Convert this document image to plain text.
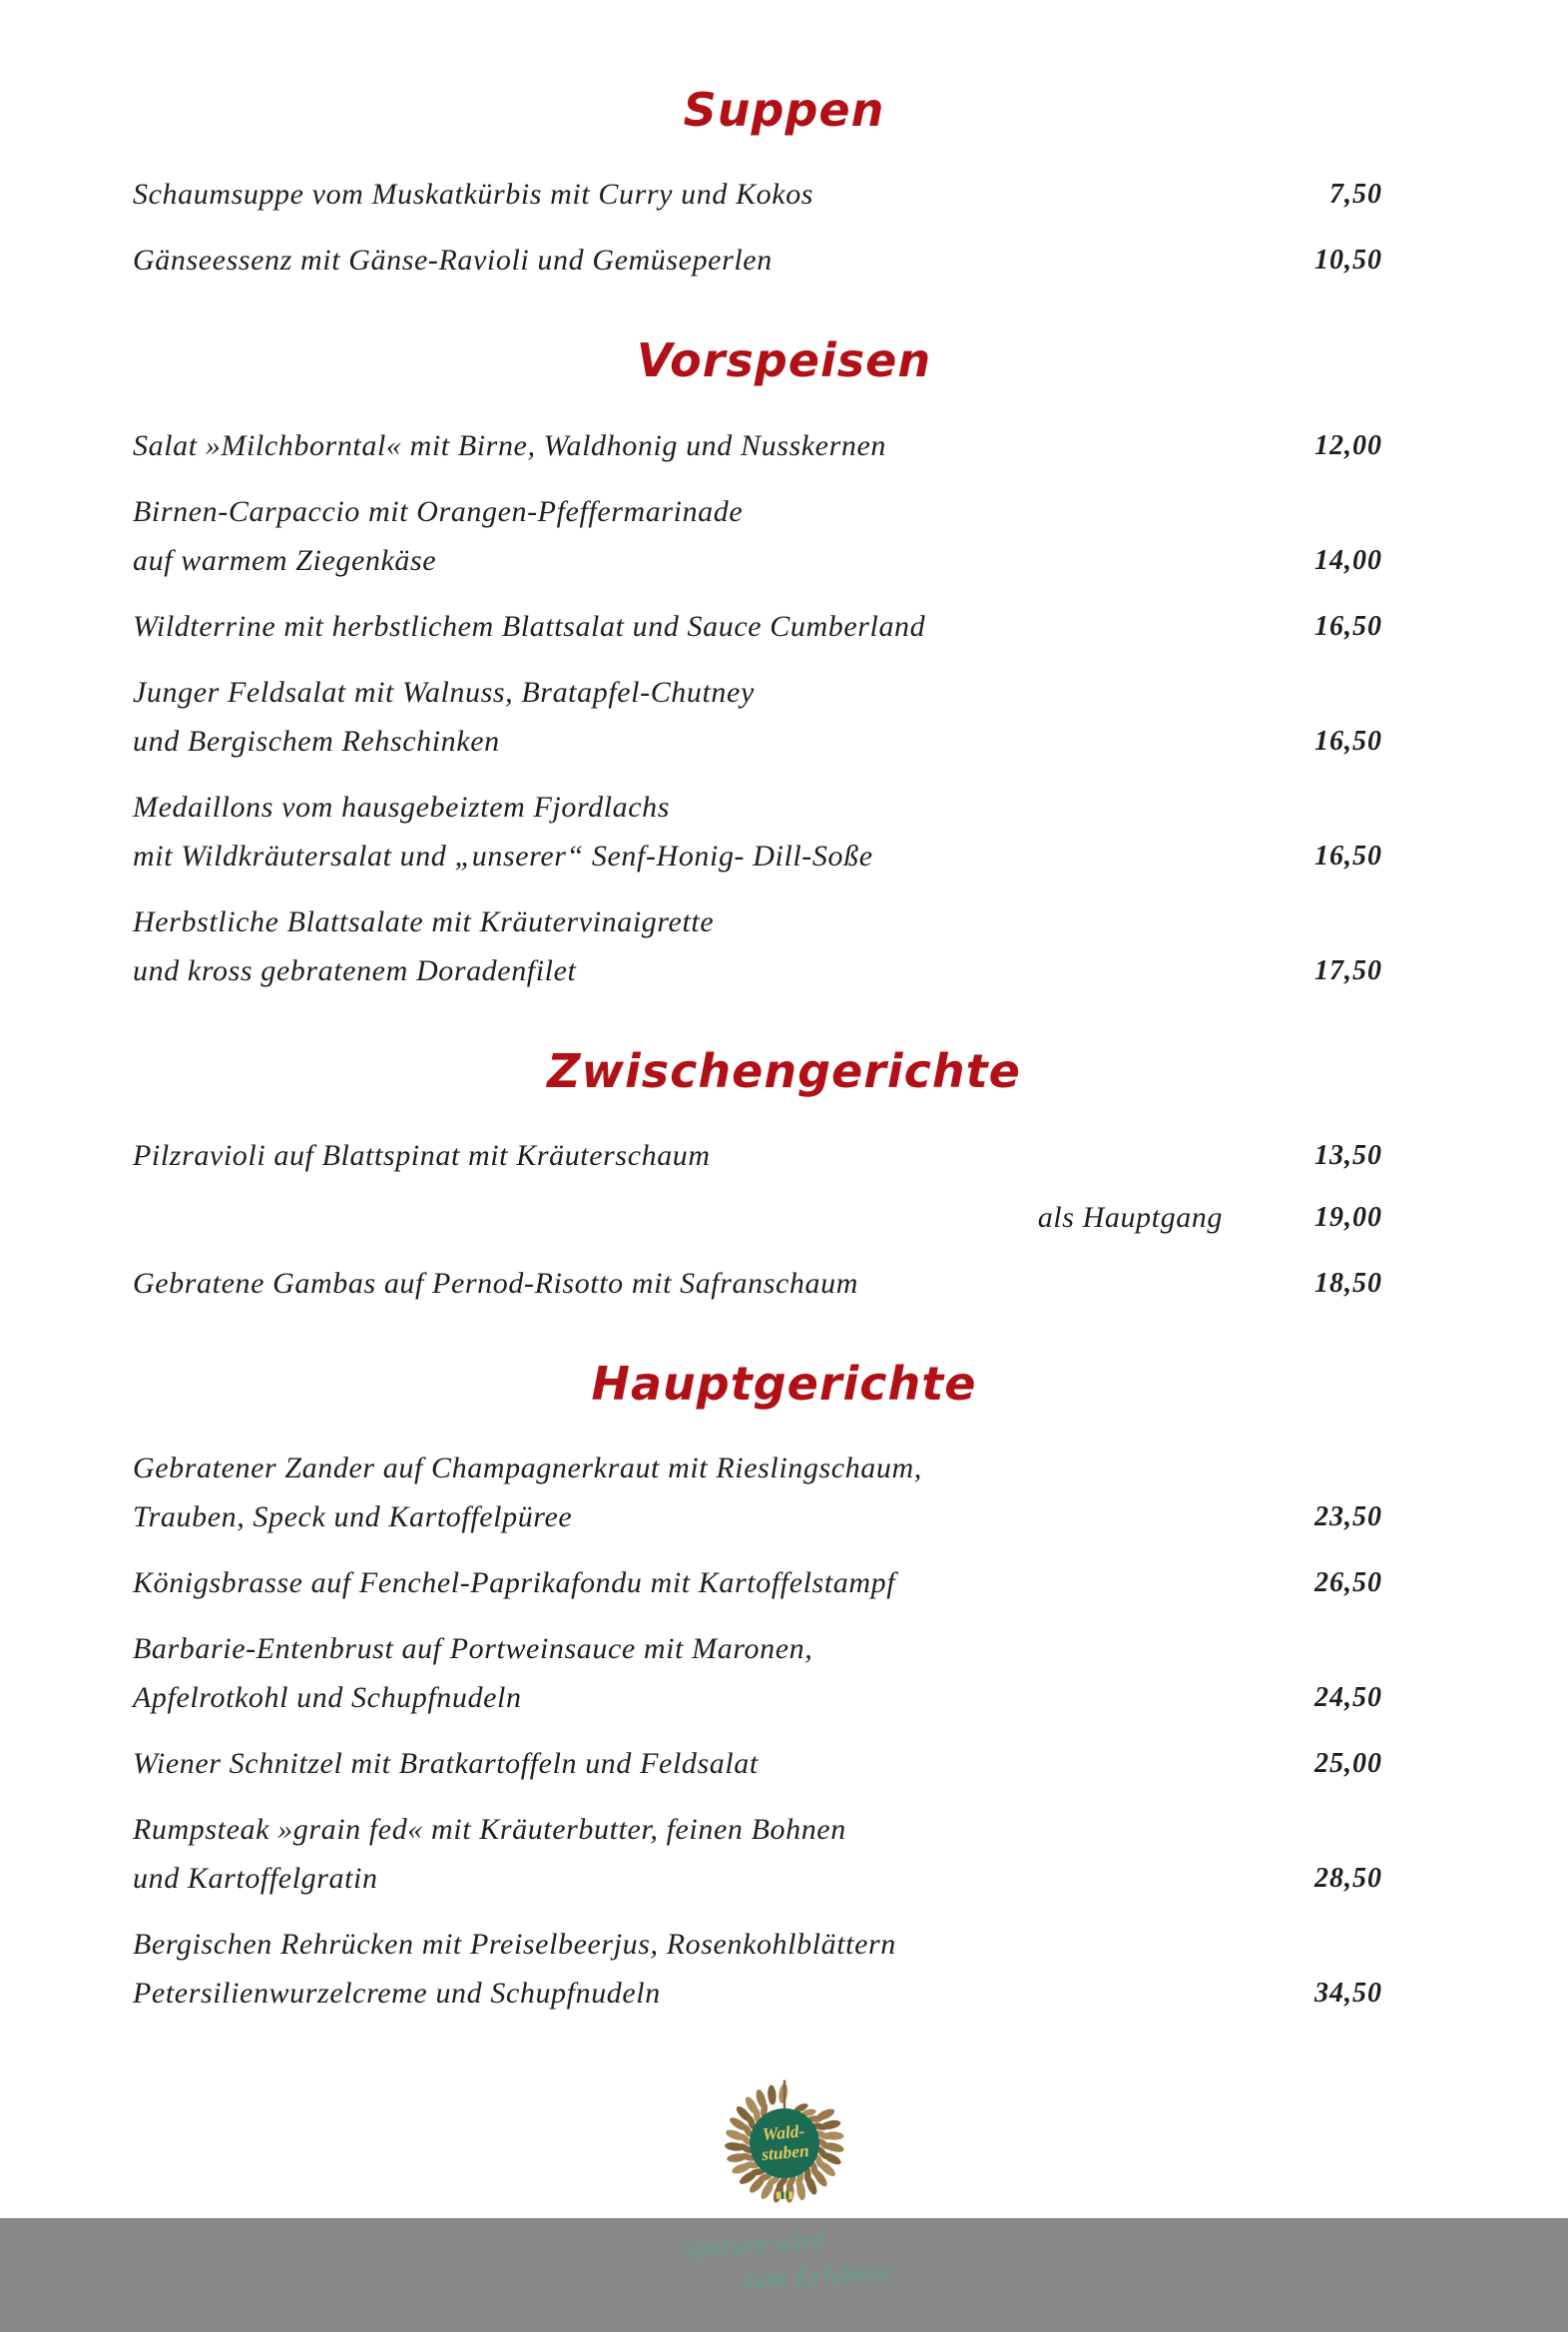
Suppen
Schaumsuppe vom Muskatkürbis mit Curry und Kokos	7,50
Gänseessenz mit Gänse-Ravioli und Gemüseperlen	10,50
Vorspeisen
Salat »Milchborntal« mit Birne, Waldhonig und Nusskernen	12,00
Birnen-Carpaccio mit Orangen-Pfeffermarinade
auf warmem Ziegenkäse	14,00
Wildterrine mit herbstlichem Blattsalat und Sauce Cumberland	16,50
Junger Feldsalat mit Walnuss, Bratapfel-Chutney
und Bergischem Rehschinken	16,50
Medaillons vom hausgebeiztem Fjordlachs
mit Wildkräutersalat und „unserer“ Senf-Honig- Dill-Soße	16,50
Herbstliche Blattsalate mit Kräutervinaigrette
und kross gebratenem Doradenfilet	17,50
Zwischengerichte
Pilzravioli auf Blattspinat mit Kräuterschaum	13,50
als Hauptgang	19,00
Gebratene Gambas auf Pernod-Risotto mit Safranschaum	18,50
Hauptgerichte
Gebratener Zander auf Champagnerkraut mit Rieslingschaum,
Trauben, Speck und Kartoffelpüree	23,50
Königsbrasse auf Fenchel-Paprikafondu mit Kartoffelstampf	26,50
Barbarie-Entenbrust auf Portweinsauce mit Maronen,
Apfelrotkohl und Schupfnudeln	24,50
Wiener Schnitzel mit Bratkartoffeln und Feldsalat	25,00
Rumpsteak »grain fed« mit Kräuterbutter, feinen Bohnen
und Kartoffelgratin	28,50
Bergischen Rehrücken mit Preiselbeerjus, Rosenkohlblättern
Petersilienwurzelcreme und Schupfnudeln	34,50
Wald-
stuben
speisen wird
zum Erlebnis
